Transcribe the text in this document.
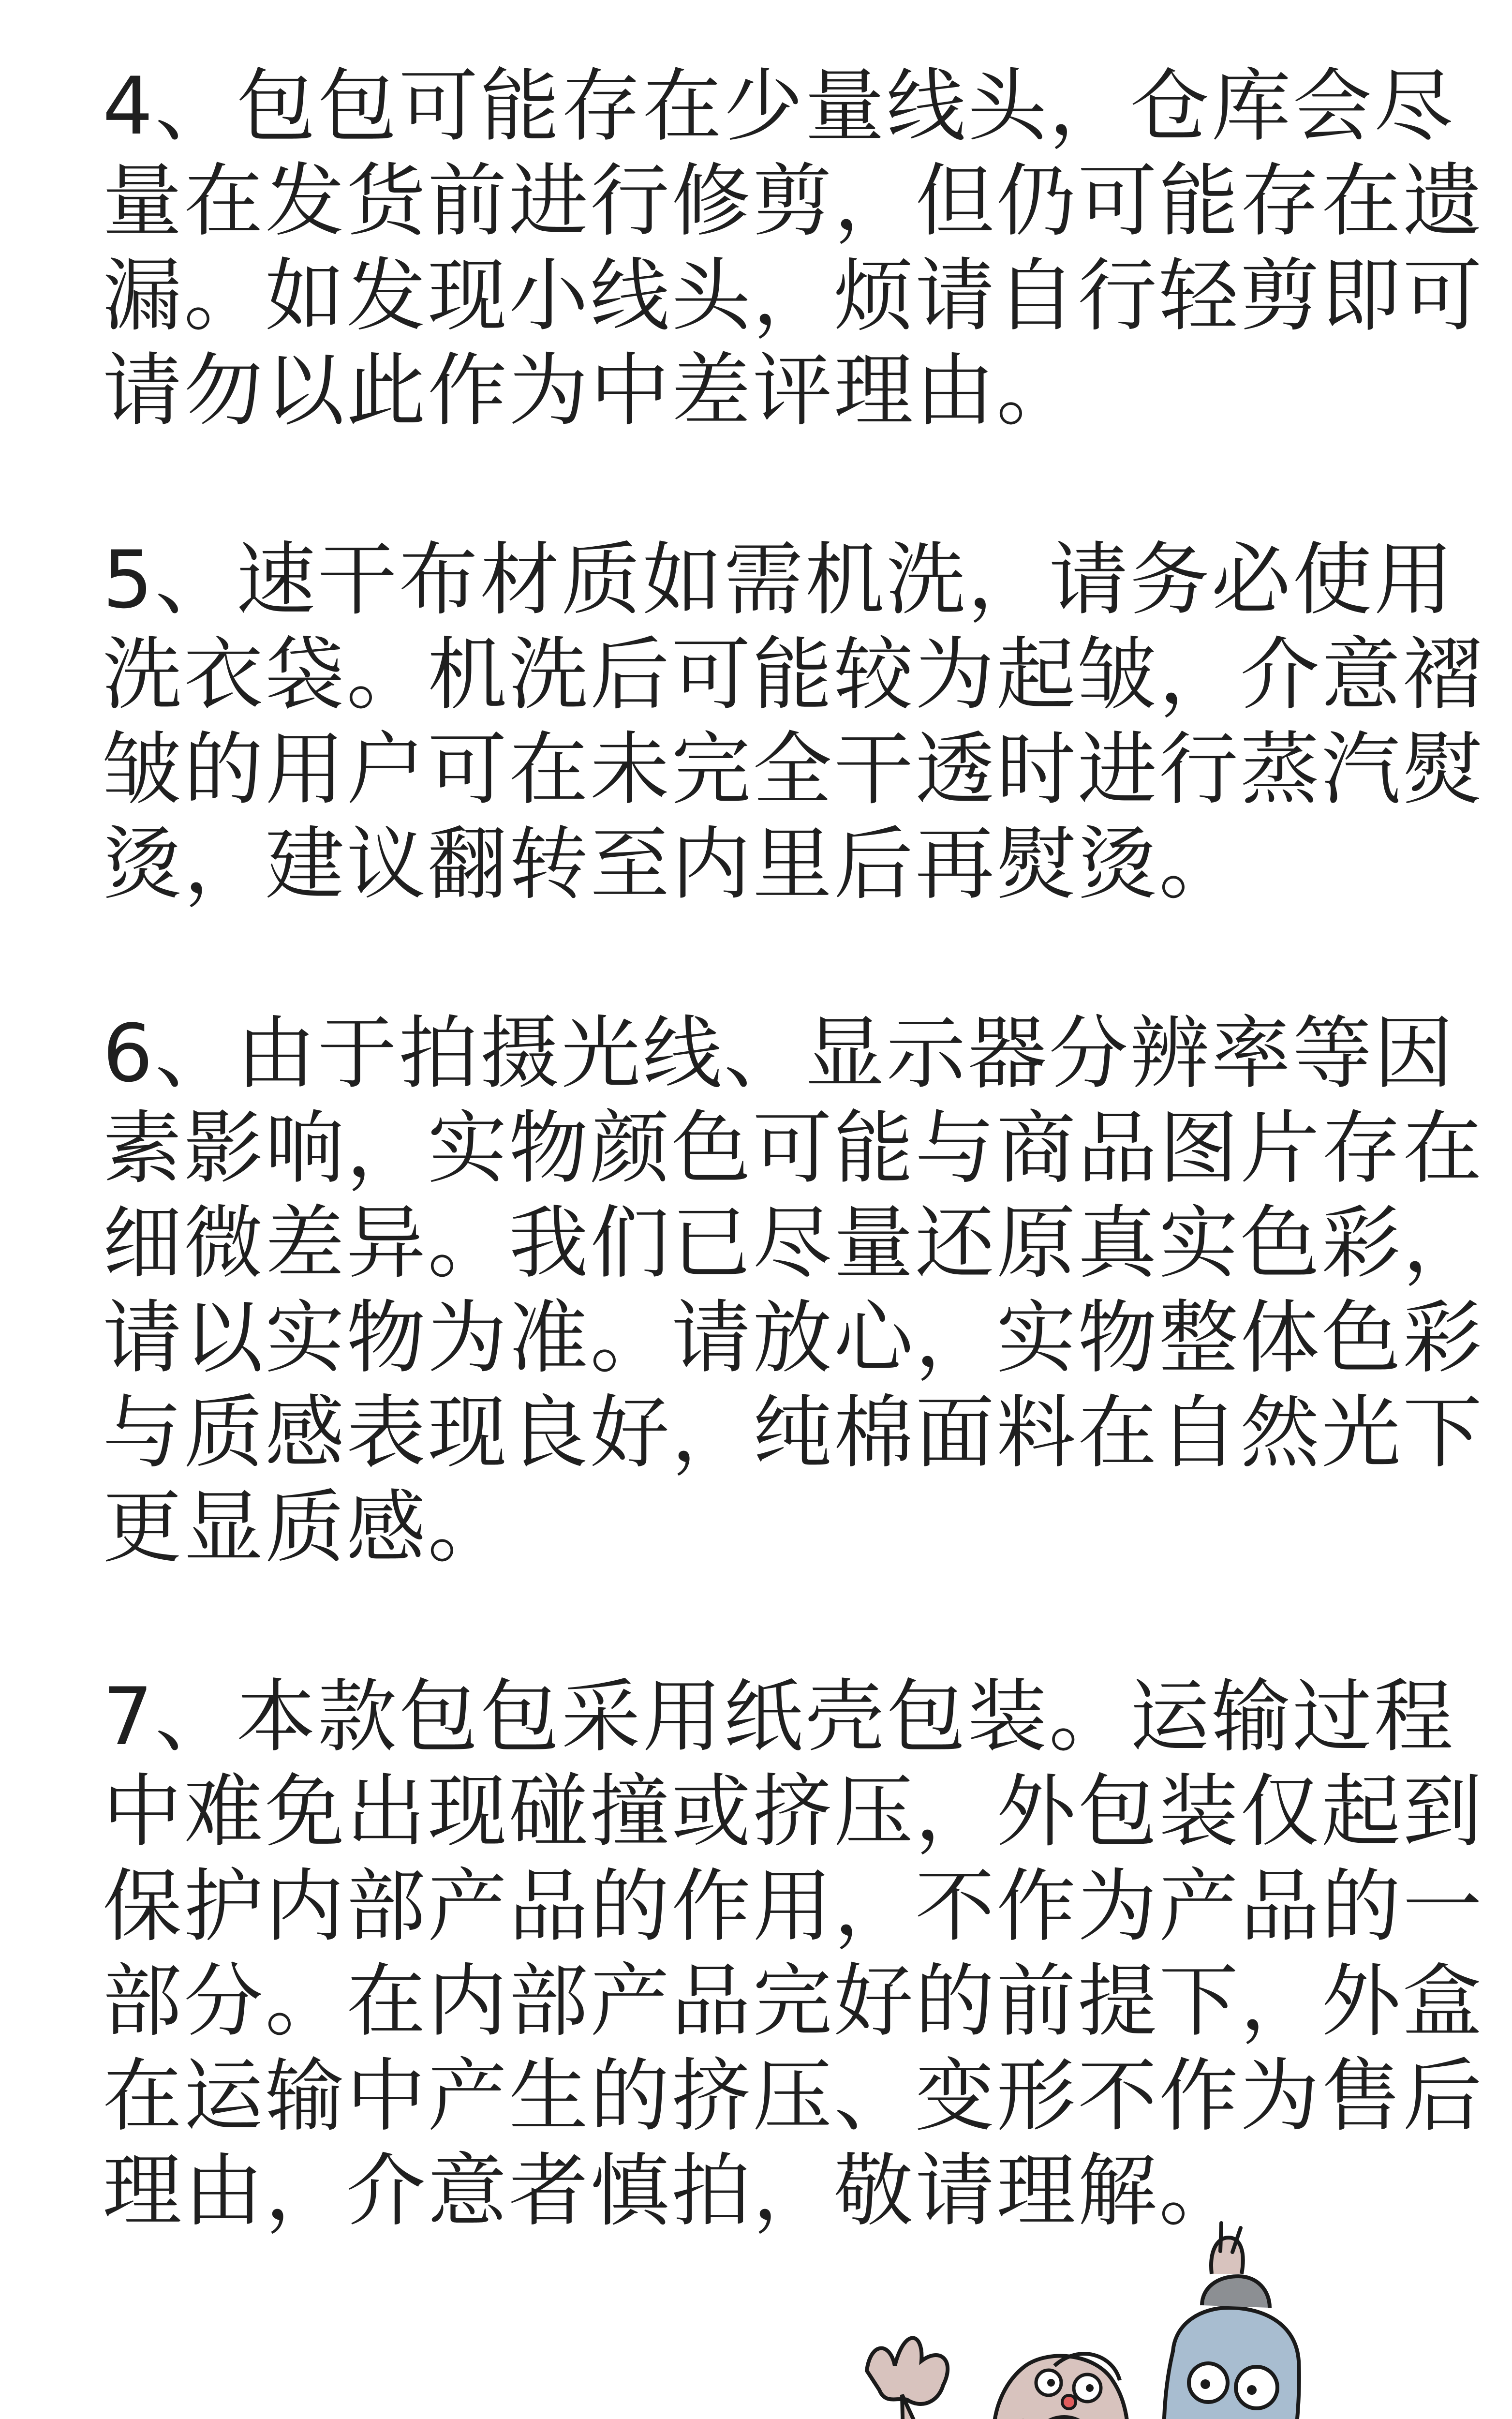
4、包包可能存在少量线头，仓库会尽
量在发货前进行修剪，但仍可能存在遗
漏。如发现小线头，烦请自行轻剪即可
请勿以此作为中差评理由。

5、速干布材质如需机洗，请务必使用
洗衣袋。机洗后可能较为起皱，介意褶
皱的用户可在未完全干透时进行蒸汽熨
烫，建议翻转至内里后再熨烫。

6、由于拍摄光线、显示器分辨率等因
素影响，实物颜色可能与商品图片存在
细微差异。我们已尽量还原真实色彩，
请以实物为准。请放心，实物整体色彩
与质感表现良好，纯棉面料在自然光下
更显质感。

7、本款包包采用纸壳包装。运输过程
中难免出现碰撞或挤压，外包装仅起到
保护内部产品的作用，不作为产品的一
部分。在内部产品完好的前提下，外盒
在运输中产生的挤压、变形不作为售后
理由，介意者慎拍，敬请理解。
